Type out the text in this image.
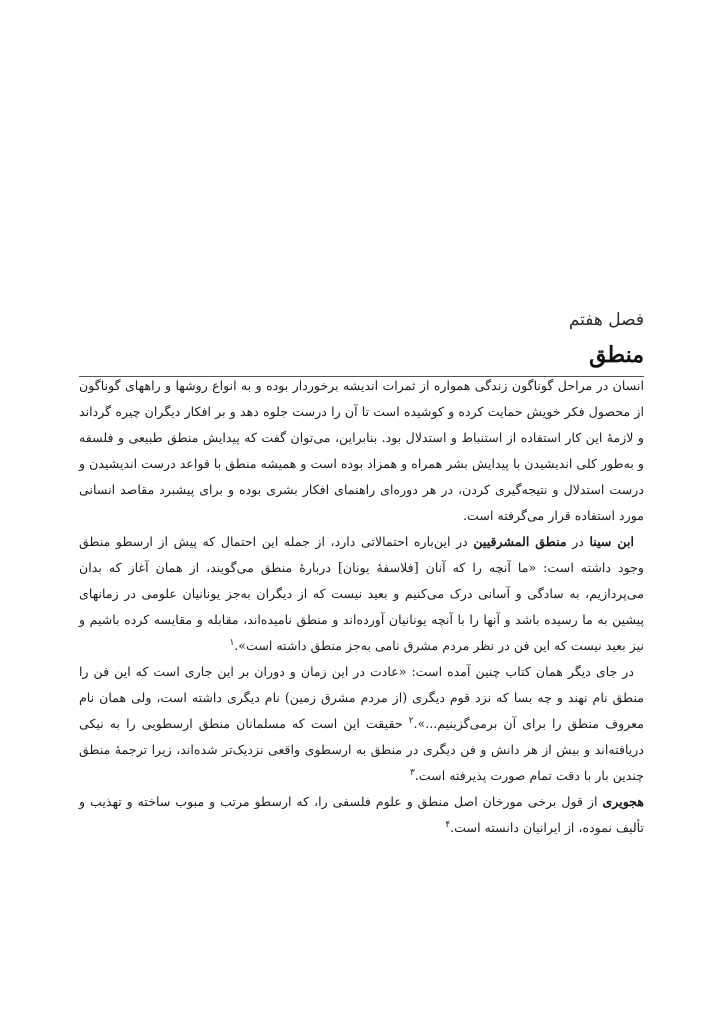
فصل هفتم

منطق

انسان در مراحل گوناگون زندگی همواره از ثمرات اندیشه برخوردار بوده و به انواع روشها و راههای گوناگون از محصول فکر خویش حمایت کرده و کوشیده است تا آن را درست جلوه دهد و بر افکار دیگران چیره گرداند و لازمهٔ این کار استفاده از استنباط و استدلال بود. بنابراین، می‌توان گفت که پیدایش منطق طبیعی و فلسفه و به‌طور کلی اندیشیدن با پیدایش بشر همراه و همزاد بوده است و همیشه منطق با قواعد درست اندیشیدن و درست استدلال و نتیجه‌گیری کردن، در هر دوره‌ای راهنمای افکار بشری بوده و برای پیشبرد مقاصد انسانی مورد استفاده قرار می‌گرفته است.

ابن سینا در منطق المشرقیین در این‌باره احتمالاتی دارد، از جمله این احتمال که پیش از ارسطو منطق وجود داشته است: «ما آنچه را که آنان [فلاسفهٔ یونان] دربارهٔ منطق می‌گویند، از همان آغاز که بدان می‌پردازیم، به سادگی و آسانی درک می‌کنیم و بعید نیست که از دیگران به‌جز یونانیان علومی در زمانهای پیشین به ما رسیده باشد و آنها را با آنچه یونانیان آورده‌اند و منطق نامیده‌اند، مقابله و مقایسه کرده باشیم و نیز بعید نیست که این فن در نظر مردم مشرق نامی به‌جز منطق داشته است».$^۱$

در جای دیگر همان کتاب چنین آمده است: «عادت در این زمان و دوران بر این جاری است که این فن را منطق نام نهند و چه بسا که نزد قوم دیگری (از مردم مشرق زمین) نام دیگری داشته است، ولی همان نام معروف منطق را برای آن برمی‌گزینیم...».$^۲$ حقیقت این است که مسلمانان منطق ارسطویی را به نیکی دریافته‌اند و بیش از هر دانش و فن دیگری در منطق به ارسطوی واقعی نزدیک‌تر شده‌اند، زیرا ترجمهٔ منطق چندین بار با دقت تمام صورت پذیرفته است.$^۳$

هجویری از قول برخی مورخان اصل منطق و علوم فلسفی را، که ارسطو مرتب و مبوب ساخته و تهذیب و تألیف نموده، از ایرانیان دانسته است.$^۴$
